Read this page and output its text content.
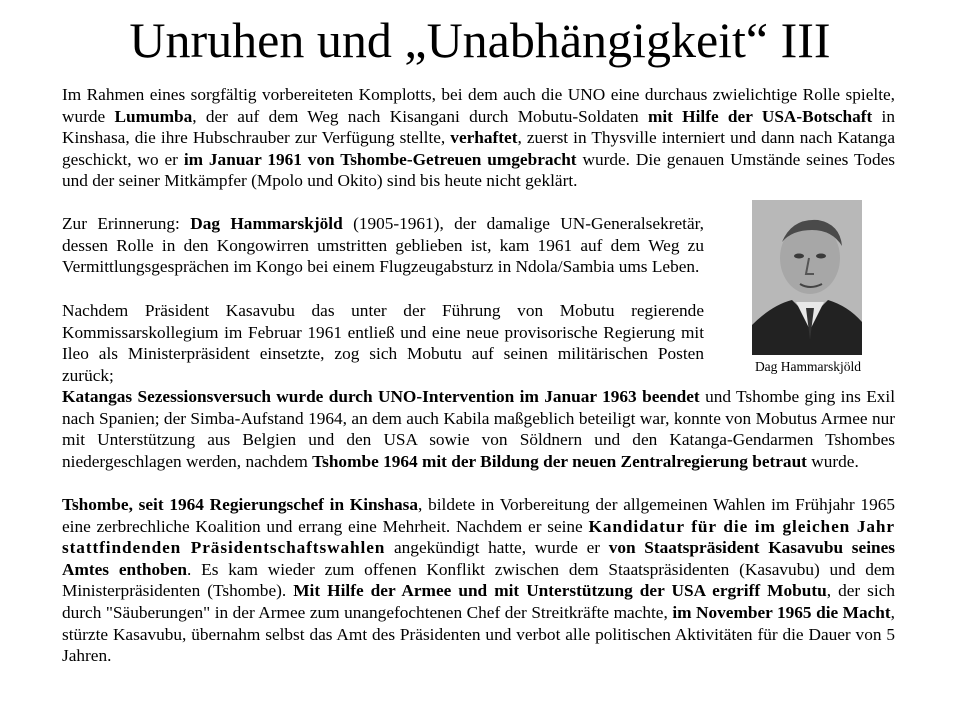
Unruhen und „Unabhängigkeit“ III

Im Rahmen eines sorgfältig vorbereiteten Komplotts, bei dem auch die UNO eine durchaus zwielichtige Rolle spielte, wurde Lumumba, der auf dem Weg nach Kisangani durch Mobutu-Soldaten mit Hilfe der USA-Botschaft in Kinshasa, die ihre Hubschrauber zur Verfügung stellte, verhaftet, zuerst in Thysville interniert und dann nach Katanga geschickt, wo er im Januar 1961 von Tshombe-Getreuen umgebracht wurde. Die genauen Umstände seines Todes und der seiner Mitkämpfer (Mpolo und Okito) sind bis heute nicht geklärt.

Zur Erinnerung: Dag Hammarskjöld (1905-1961), der damalige UN-Generalsekretär, dessen Rolle in den Kongowirren umstritten geblieben ist, kam 1961 auf dem Weg zu Vermittlungsgesprächen im Kongo bei einem Flugzeugabsturz in Ndola/Sambia ums Leben.

Nachdem Präsident Kasavubu das unter der Führung von Mobutu regierende Kommissarskollegium im Februar 1961 entließ und eine neue provisorische Regierung mit Ileo als Ministerpräsident einsetzte, zog sich Mobutu auf seinen militärischen Posten zurück;	Dag Hammarskjöld

Katangas Sezessionsversuch wurde durch UNO-Intervention im Januar 1963 beendet und Tshombe ging ins Exil nach Spanien; der Simba-Aufstand 1964, an dem auch Kabila maßgeblich beteiligt war, konnte von Mobutus Armee nur mit Unterstützung aus Belgien und den USA sowie von Söldnern und den Katanga-Gendarmen Tshombes niedergeschlagen werden, nachdem Tshombe 1964 mit der Bildung der neuen Zentralregierung betraut wurde.

Tshombe, seit 1964 Regierungschef in Kinshasa, bildete in Vorbereitung der allgemeinen Wahlen im Frühjahr 1965 eine zerbrechliche Koalition und errang eine Mehrheit. Nachdem er seine Kandidatur für die im gleichen Jahr stattfindenden Präsidentschaftswahlen angekündigt hatte, wurde er von Staatspräsident Kasavubu seines Amtes enthoben. Es kam wieder zum offenen Konflikt zwischen dem Staatspräsidenten (Kasavubu) und dem Ministerpräsidenten (Tshombe). Mit Hilfe der Armee und mit Unterstützung der USA ergriff Mobutu, der sich durch "Säuberungen" in der Armee zum unangefochtenen Chef der Streitkräfte machte, im November 1965 die Macht, stürzte Kasavubu, übernahm selbst das Amt des Präsidenten und verbot alle politischen Aktivitäten für die Dauer von 5 Jahren.
